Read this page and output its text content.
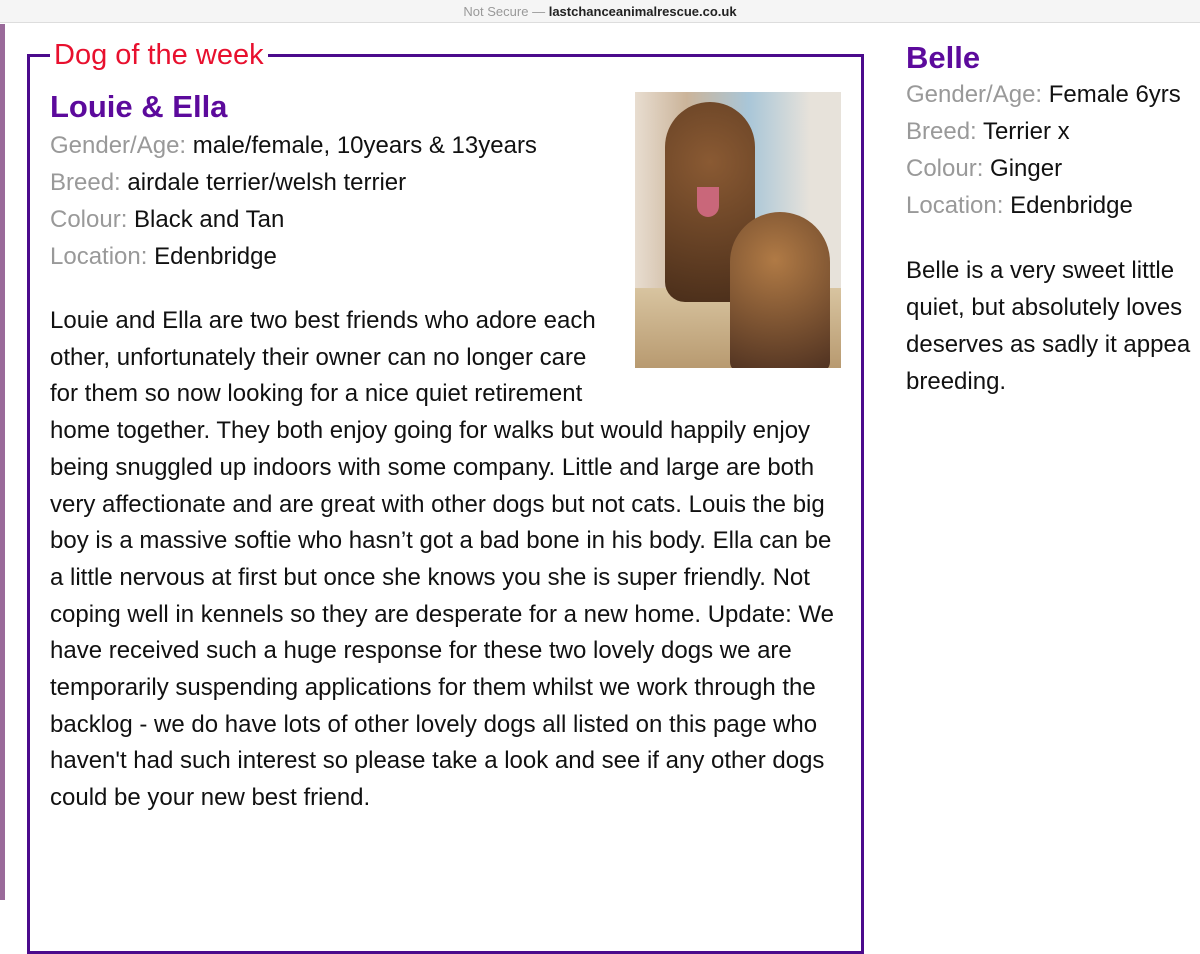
Not Secure — lastchanceanimalrescue.co.uk
Dog of the week
Louie & Ella
Gender/Age: male/female, 10years & 13years
Breed: airdale terrier/welsh terrier
Colour: Black and Tan
Location: Edenbridge

Louie and Ella are two best friends who adore each other, unfortunately their owner can no longer care for them so now looking for a nice quiet retirement home together. They both enjoy going for walks but would happily enjoy being snuggled up indoors with some company. Little and large are both very affectionate and are great with other dogs but not cats. Louis the big boy is a massive softie who hasn’t got a bad bone in his body. Ella can be a little nervous at first but once she knows you she is super friendly. Not coping well in kennels so they are desperate for a new home. Update: We have received such a huge response for these two lovely dogs we are temporarily suspending applications for them whilst we work through the backlog - we do have lots of other lovely dogs all listed on this page who haven't had such interest so please take a look and see if any other dogs could be your new best friend.

Belle
Gender/Age: Female 6yrs
Breed: Terrier x
Colour: Ginger
Location: Edenbridge
Belle is a very sweet little
quiet, but absolutely loves
deserves as sadly it appea
breeding.
